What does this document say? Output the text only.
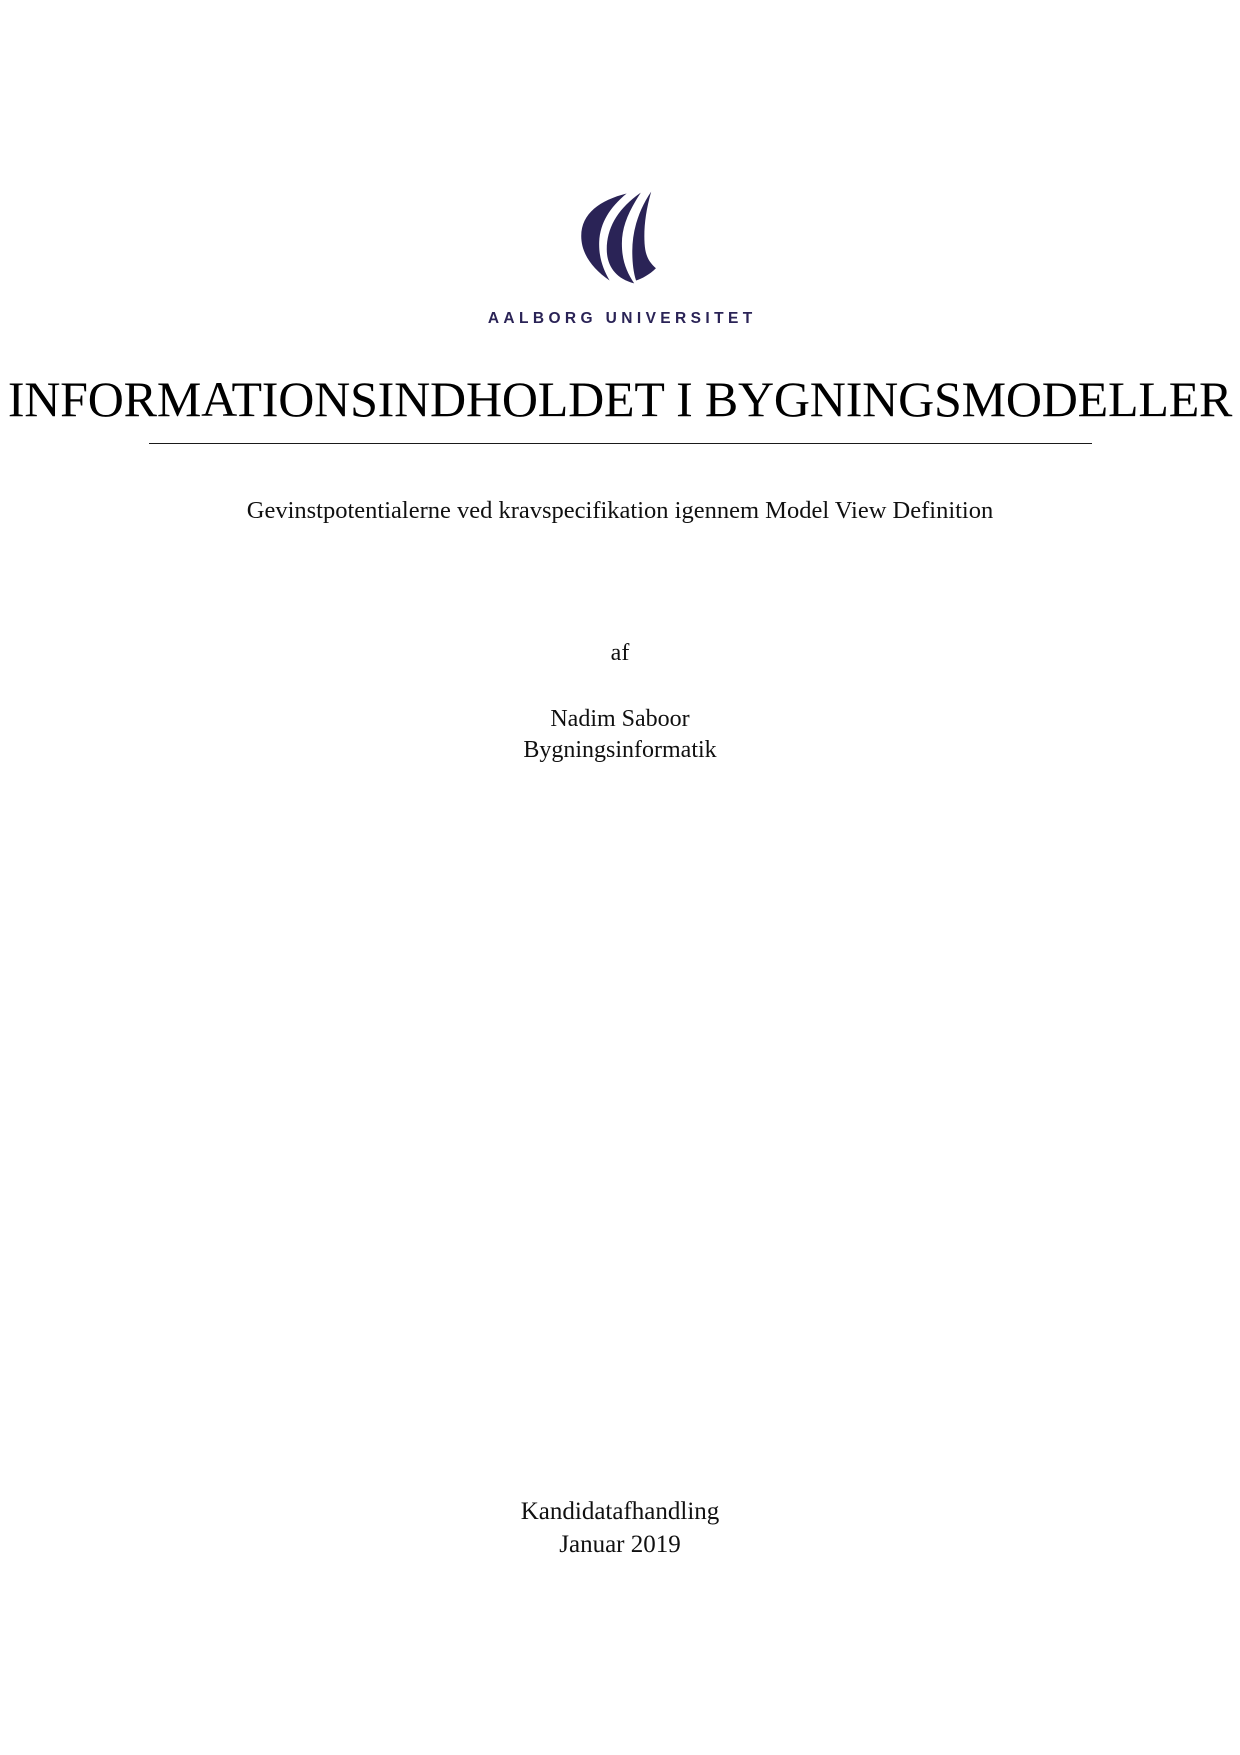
AALBORG UNIVERSITET
INFORMATIONSINDHOLDET I BYGNINGSMODELLER
Gevinstpotentialerne ved kravspecifikation igennem Model View Definition
af
Nadim Saboor
Bygningsinformatik
Kandidatafhandling
Januar 2019
